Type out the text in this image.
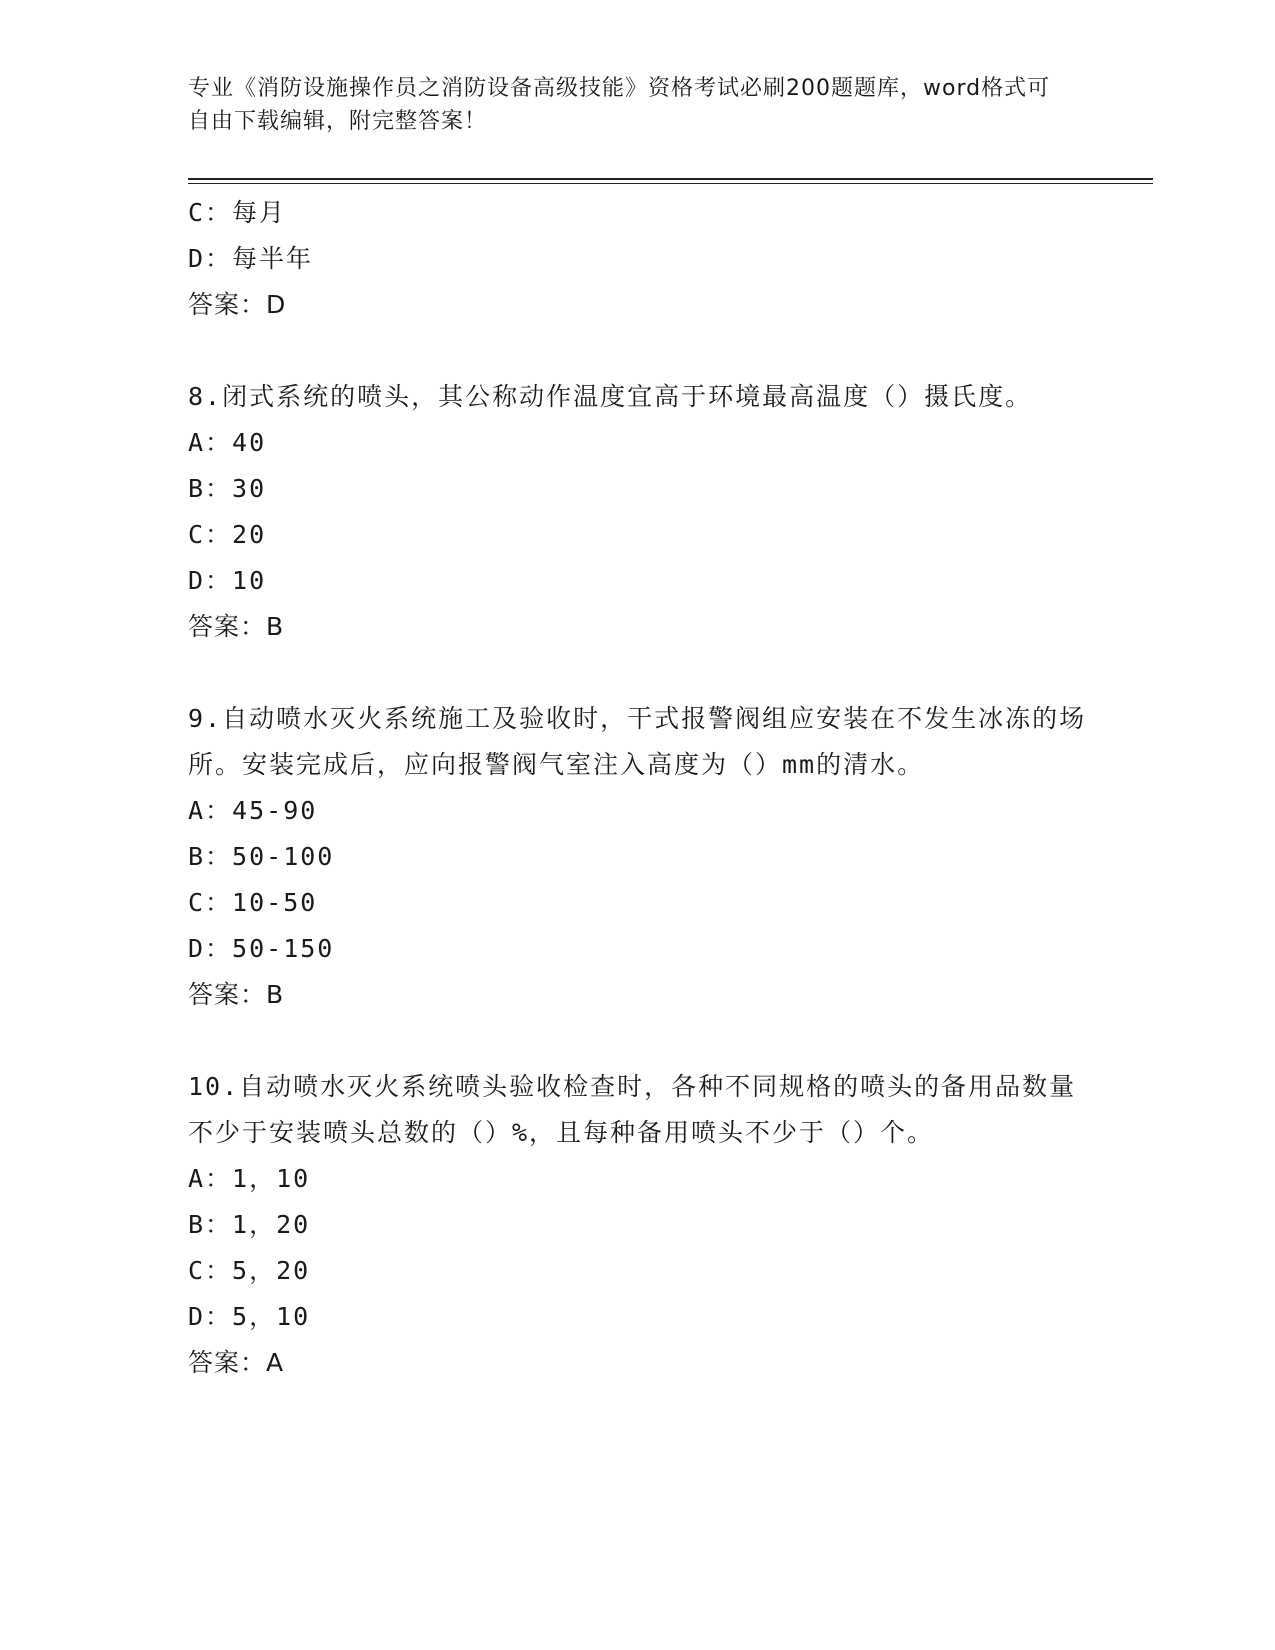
专业《消防设施操作员之消防设备高级技能》资格考试必刷200题题库，word格式可自由下载编辑，附完整答案！
C：每月
D：每半年
答案：D
8.闭式系统的喷头，其公称动作温度宜高于环境最高温度（）摄氏度。
A：40
B：30
C：20
D：10
答案：B
9.自动喷水灭火系统施工及验收时，干式报警阀组应安装在不发生冰冻的场所。安装完成后，应向报警阀气室注入高度为（）mm的清水。
A：45-90
B：50-100
C：10-50
D：50-150
答案：B
10.自动喷水灭火系统喷头验收检查时，各种不同规格的喷头的备用品数量不少于安装喷头总数的（）%，且每种备用喷头不少于（）个。
A：1，10
B：1，20
C：5，20
D：5，10
答案：A
